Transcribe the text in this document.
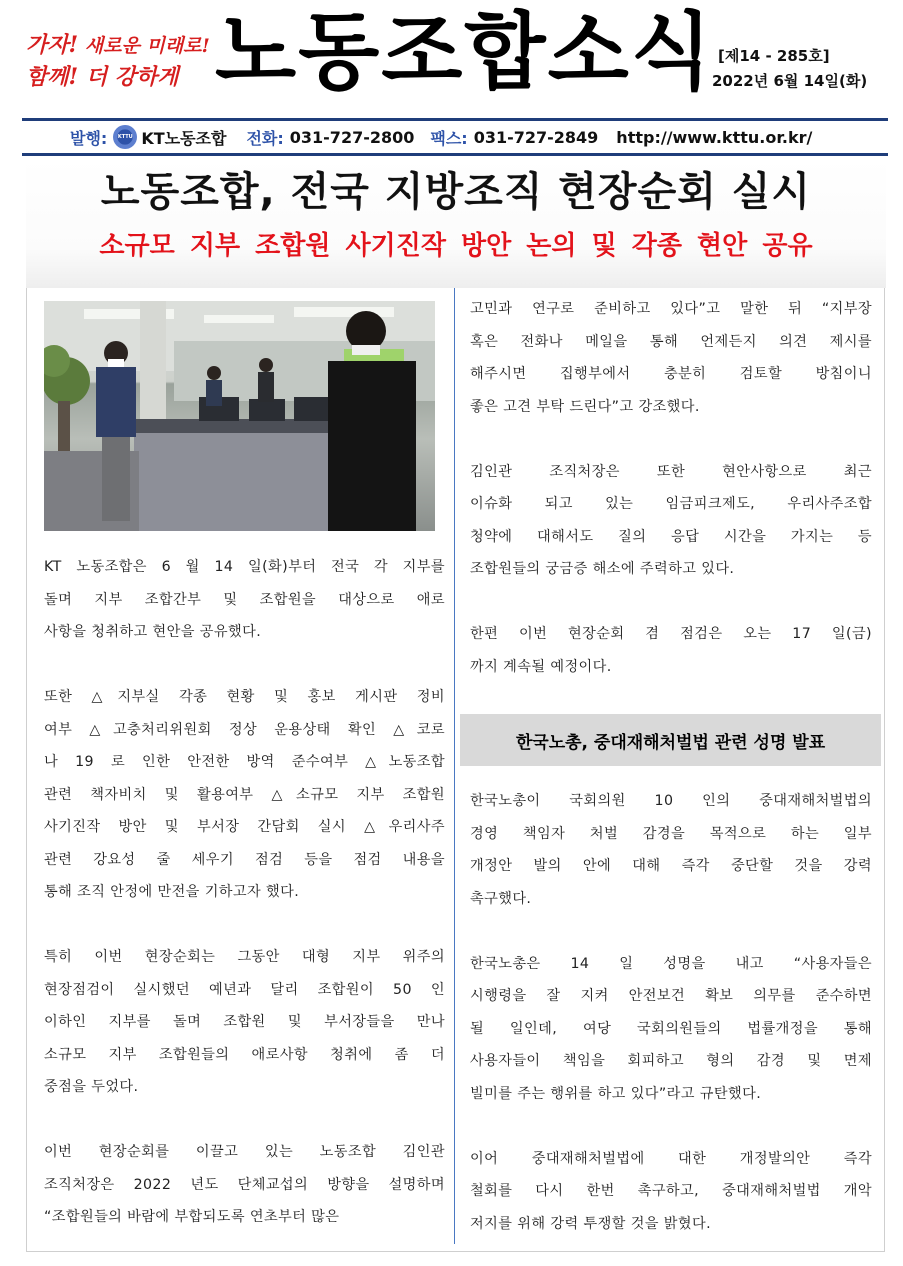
가자! 새로운 미래로!
함께! 더 강하게 노동조합소식 [제14 - 285호]
2022년 6월 14일(화)
발행:	KTTU KT노동조합 전화: 031-727-2800 팩스: 031-727-2849 http://www.kttu.or.kr/
노동조합, 전국 지방조직 현장순회 실시
소규모 지부 조합원 사기진작 방안 논의 및 각종 현안 공유
KT 노동조합은 6 월 14 일(화)부터 전국 각 지부를
돌며 지부 조합간부 및 조합원을 대상으로 애로
사항을 청취하고 현안을 공유했다.
또한 △지부실 각종 현황 및 홍보 게시판 정비
여부 △고충처리위원회 정상 운용상태 확인 △코로
나 19 로 인한 안전한 방역 준수여부 △노동조합
관련 책자비치 및 활용여부 △소규모 지부 조합원
사기진작 방안 및 부서장 간담회 실시 △우리사주
관련 강요성 줄 세우기 점검 등을 점검 내용을
통해 조직 안정에 만전을 기하고자 했다.
특히 이번 현장순회는 그동안 대형 지부 위주의
현장점검이 실시했던 예년과 달리 조합원이 50 인
이하인 지부를 돌며 조합원 및 부서장들을 만나
소규모 지부 조합원들의 애로사항 청취에 좀 더
중점을 두었다.
이번 현장순회를 이끌고 있는 노동조합 김인관
조직처장은 2022 년도 단체교섭의 방향을 설명하며
“조합원들의 바람에 부합되도록 연초부터 많은
고민과 연구로 준비하고 있다”고 말한 뒤 “지부장
혹은 전화나 메일을 통해 언제든지 의견 제시를
해주시면 집행부에서 충분히 검토할 방침이니
좋은 고견 부탁 드린다”고 강조했다.
김인관 조직처장은 또한 현안사항으로 최근
이슈화 되고 있는 임금피크제도, 우리사주조합
청약에 대해서도 질의 응답 시간을 가지는 등
조합원들의 궁금증 해소에 주력하고 있다.
한편 이번 현장순회 겸 점검은 오는 17 일(금)
까지 계속될 예정이다.
한국노총, 중대재해처벌법 관련 성명 발표
한국노총이 국회의원 10 인의 중대재해처벌법의
경영 책임자 처벌 감경을 목적으로 하는 일부
개정안 발의 안에 대해 즉각 중단할 것을 강력
촉구했다.
한국노총은 14 일 성명을 내고 “사용자들은
시행령을 잘 지켜 안전보건 확보 의무를 준수하면
될 일인데, 여당 국회의원들의 법률개정을 통해
사용자들이 책임을 회피하고 형의 감경 및 면제
빌미를 주는 행위를 하고 있다”라고 규탄했다.
이어 중대재해처벌법에 대한 개정발의안 즉각
철회를 다시 한번 촉구하고, 중대재해처벌법 개악
저지를 위해 강력 투쟁할 것을 밝혔다.
